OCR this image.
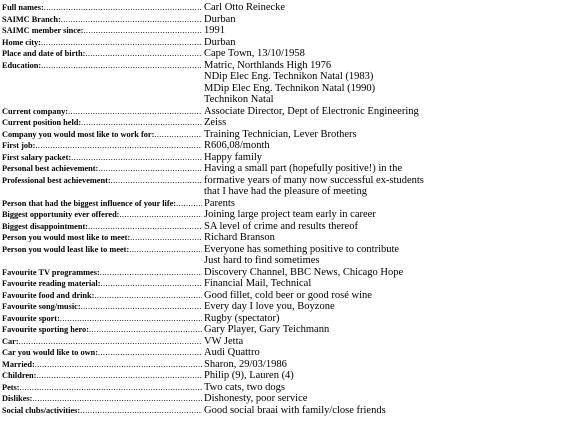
Full names: .....	Carl Otto Reinecke
SAIMC Branch: .....	Durban
SAIMC member since: .....	1991
Home city: .....	Durban
Place and date of birth: .....	Cape Town, 13/10/1958
Education: .....	Matric, Northlands High 1976
NDip Elec Eng. Technikon Natal (1983)
MDip Elec Eng. Technikon Natal (1990)
Technikon Natal
Current company: .....	Associate Director, Dept of Electronic Engineering
Current position held: .....	Zeiss
Company you would most like to work for: .....	Training Technician, Lever Brothers
First job: .....	R606,08/month
First salary packet: .....	Happy family
Personal best achievement: .....	Having a small part (hopefully positive!) in the
Professional best achievement: .....	formative years of many now successful ex-students
that I have had the pleasure of meeting
Person that had the biggest influence of your life: .....	Parents
Biggest opportunity ever offered: .....	Joining large project team early in career
Biggest disappointment: .....	SA level of crime and results thereof
Person you would most like to meet: .....	Richard Branson
Person you would least like to meet: .....	Everyone has something positive to contribute
Just hard to find sometimes
Favourite TV programmes: .....	Discovery Channel, BBC News, Chicago Hope
Favourite reading material: .....	Financial Mail, Technical
Favourite food and drink: .....	Good fillet, cold beer or good rosé wine
Favourite song/music: .....	Every day I love you, Boyzone
Favourite sport: .....	Rugby (spectator)
Favourite sporting hero: .....	Gary Player, Gary Teichmann
Car: .....	VW Jetta
Car you would like to own: .....	Audi Quattro
Married: .....	Sharon, 29/03/1986
Children: .....	Philip (9), Lauren (4)
Pets: .....	Two cats, two dogs
Dislikes: .....	Dishonesty, poor service
Social clubs/activities: .....	Good social braai with family/close friends
